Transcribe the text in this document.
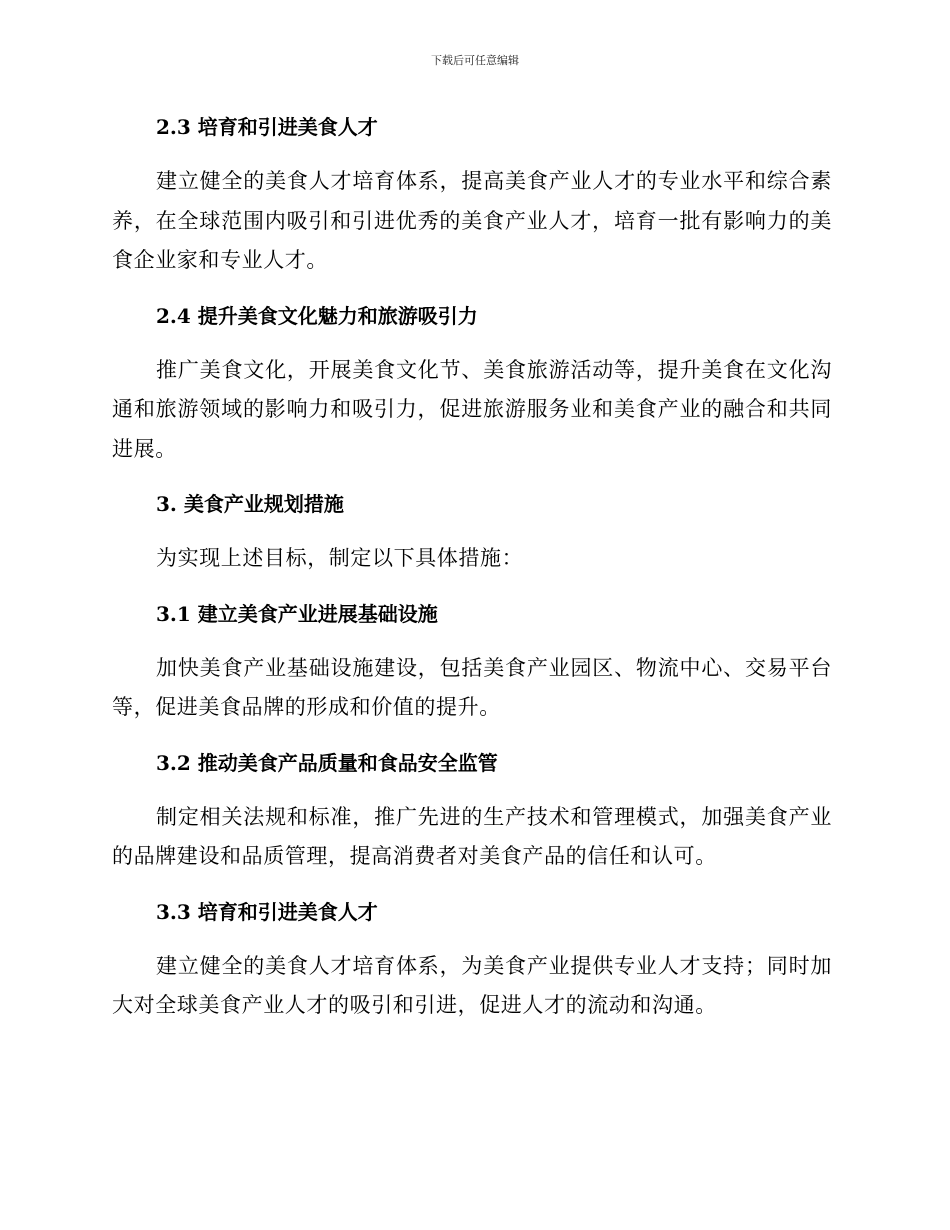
下载后可任意编辑
2.3 培育和引进美食人才

建立健全的美食人才培育体系，提高美食产业人才的专业水平和综合素养，在全球范围内吸引和引进优秀的美食产业人才，培育一批有影响力的美食企业家和专业人才。

2.4 提升美食文化魅力和旅游吸引力

推广美食文化，开展美食文化节、美食旅游活动等，提升美食在文化沟通和旅游领域的影响力和吸引力，促进旅游服务业和美食产业的融合和共同进展。

3. 美食产业规划措施

为实现上述目标，制定以下具体措施：

3.1 建立美食产业进展基础设施

加快美食产业基础设施建设，包括美食产业园区、物流中心、交易平台等，促进美食品牌的形成和价值的提升。

3.2 推动美食产品质量和食品安全监管

制定相关法规和标准，推广先进的生产技术和管理模式，加强美食产业的品牌建设和品质管理，提高消费者对美食产品的信任和认可。

3.3 培育和引进美食人才

建立健全的美食人才培育体系，为美食产业提供专业人才支持；同时加大对全球美食产业人才的吸引和引进，促进人才的流动和沟通。
